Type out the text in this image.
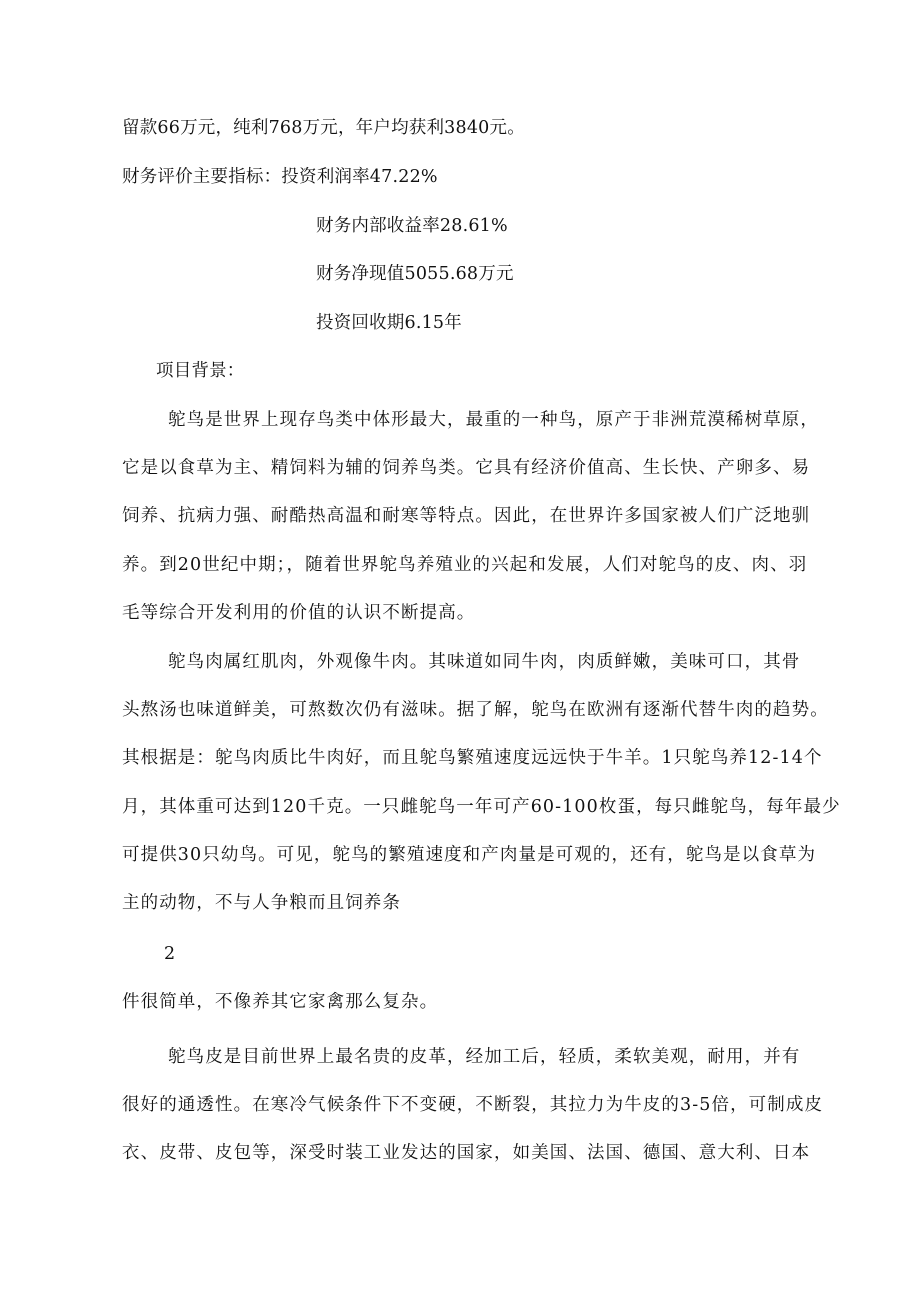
留款66万元，纯利768万元，年户均获利3840元。
财务评价主要指标：投资利润率47.22%
财务内部收益率28.61%
财务净现值5055.68万元
投资回收期6.15年
项目背景：
鸵鸟是世界上现存鸟类中体形最大，最重的一种鸟，原产于非洲荒漠稀树草原，
它是以食草为主、精饲料为辅的饲养鸟类。它具有经济价值高、生长快、产卵多、易
饲养、抗病力强、耐酷热高温和耐寒等特点。因此，在世界许多国家被人们广泛地驯
养。到20世纪中期；，随着世界鸵鸟养殖业的兴起和发展，人们对鸵鸟的皮、肉、羽
毛等综合开发利用的价值的认识不断提高。
鸵鸟肉属红肌肉，外观像牛肉。其味道如同牛肉，肉质鲜嫩，美味可口，其骨
头熬汤也味道鲜美，可熬数次仍有滋味。据了解，鸵鸟在欧洲有逐渐代替牛肉的趋势。
其根据是：鸵鸟肉质比牛肉好，而且鸵鸟繁殖速度远远快于牛羊。1只鸵鸟养12-14个
月，其体重可达到120千克。一只雌鸵鸟一年可产60-100枚蛋，每只雌鸵鸟，每年最少
可提供30只幼鸟。可见，鸵鸟的繁殖速度和产肉量是可观的，还有，鸵鸟是以食草为
主的动物，不与人争粮而且饲养条
2
件很简单，不像养其它家禽那么复杂。
鸵鸟皮是目前世界上最名贵的皮革，经加工后，轻质，柔软美观，耐用，并有
很好的通透性。在寒冷气候条件下不变硬，不断裂，其拉力为牛皮的3-5倍，可制成皮
衣、皮带、皮包等，深受时装工业发达的国家，如美国、法国、德国、意大利、日本
